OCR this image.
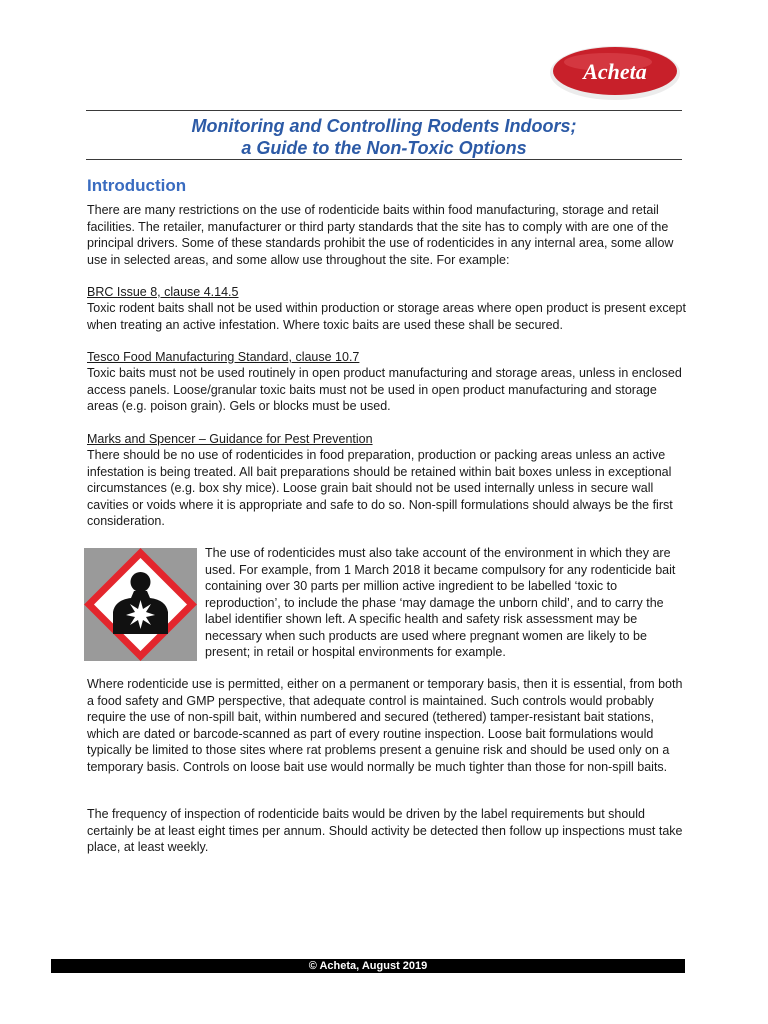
Acheta
Monitoring and Controlling Rodents Indoors;
a Guide to the Non-Toxic Options
Introduction

There are many restrictions on the use of rodenticide baits within food manufacturing, storage and retail facilities. The retailer, manufacturer or third party standards that the site has to comply with are one of the principal drivers. Some of these standards prohibit the use of rodenticides in any internal area, some allow use in selected areas, and some allow use throughout the site. For example:

BRC Issue 8, clause 4.14.5

Toxic rodent baits shall not be used within production or storage areas where open product is present except when treating an active infestation. Where toxic baits are used these shall be secured.

Tesco Food Manufacturing Standard, clause 10.7

Toxic baits must not be used routinely in open product manufacturing and storage areas, unless in enclosed access panels. Loose/granular toxic baits must not be used in open product manufacturing and storage areas (e.g. poison grain). Gels or blocks must be used.

Marks and Spencer – Guidance for Pest Prevention

There should be no use of rodenticides in food preparation, production or packing areas unless an active infestation is being treated. All bait preparations should be retained within bait boxes unless in exceptional circumstances (e.g. box shy mice). Loose grain bait should not be used internally unless in secure wall cavities or voids where it is appropriate and safe to do so. Non-spill formulations should always be the first consideration.

The use of rodenticides must also take account of the environment in which they are used. For example, from 1 March 2018 it became compulsory for any rodenticide bait containing over 30 parts per million active ingredient to be labelled ‘toxic to reproduction’, to include the phase ‘may damage the unborn child’, and to carry the label identifier shown left. A specific health and safety risk assessment may be necessary when such products are used where pregnant women are likely to be present; in retail or hospital environments for example.

Where rodenticide use is permitted, either on a permanent or temporary basis, then it is essential, from both a food safety and GMP perspective, that adequate control is maintained. Such controls would probably require the use of non-spill bait, within numbered and secured (tethered) tamper-resistant bait stations, which are dated or barcode-scanned as part of every routine inspection. Loose bait formulations would typically be limited to those sites where rat problems present a genuine risk and should be used only on a temporary basis. Controls on loose bait use would normally be much tighter than those for non-spill baits.

The frequency of inspection of rodenticide baits would be driven by the label requirements but should certainly be at least eight times per annum. Should activity be detected then follow up inspections must take place, at least weekly.

© Acheta, August 2019
